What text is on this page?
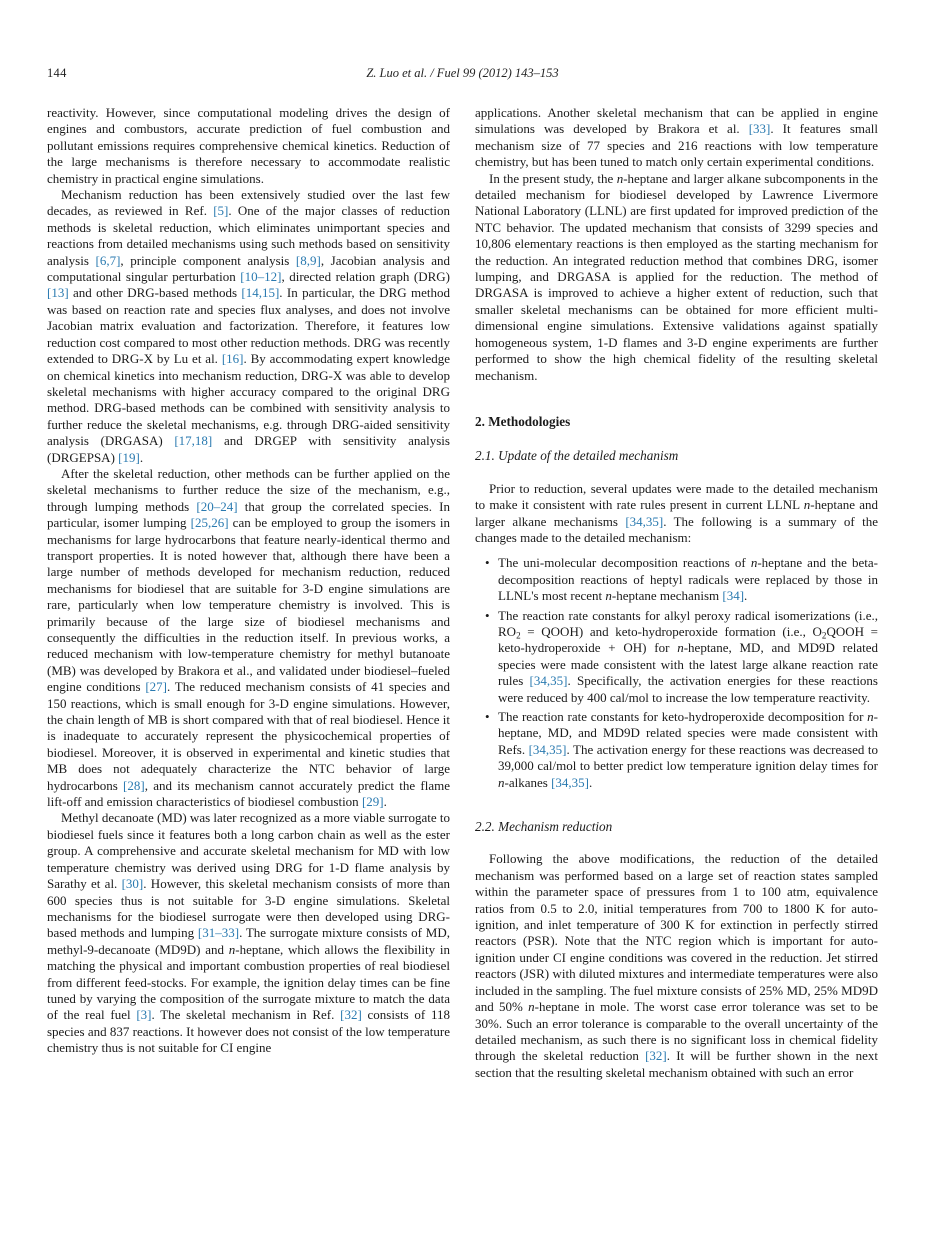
144	Z. Luo et al. / Fuel 99 (2012) 143–153

reactivity. However, since computational modeling drives the design of engines and combustors, accurate prediction of fuel combustion and pollutant emissions requires comprehensive chemical kinetics. Reduction of the large mechanisms is therefore necessary to accommodate realistic chemistry in practical engine simulations.

Mechanism reduction has been extensively studied over the last few decades, as reviewed in Ref. [5]. One of the major classes of reduction methods is skeletal reduction, which eliminates unimportant species and reactions from detailed mechanisms using such methods based on sensitivity analysis [6,7], principle component analysis [8,9], Jacobian analysis and computational singular perturbation [10–12], directed relation graph (DRG) [13] and other DRG-based methods [14,15]. In particular, the DRG method was based on reaction rate and species flux analyses, and does not involve Jacobian matrix evaluation and factorization. Therefore, it features low reduction cost compared to most other reduction methods. DRG was recently extended to DRG-X by Lu et al. [16]. By accommodating expert knowledge on chemical kinetics into mechanism reduction, DRG-X was able to develop skeletal mechanisms with higher accuracy compared to the original DRG method. DRG-based methods can be combined with sensitivity analysis to further reduce the skeletal mechanisms, e.g. through DRG-aided sensitivity analysis (DRGASA) [17,18] and DRGEP with sensitivity analysis (DRGEPSA) [19].

After the skeletal reduction, other methods can be further applied on the skeletal mechanisms to further reduce the size of the mechanism, e.g., through lumping methods [20–24] that group the correlated species. In particular, isomer lumping [25,26] can be employed to group the isomers in mechanisms for large hydrocarbons that feature nearly-identical thermo and transport properties. It is noted however that, although there have been a large number of methods developed for mechanism reduction, reduced mechanisms for biodiesel that are suitable for 3-D engine simulations are rare, particularly when low temperature chemistry is involved. This is primarily because of the large size of biodiesel mechanisms and consequently the difficulties in the reduction itself. In previous works, a reduced mechanism with low-temperature chemistry for methyl butanoate (MB) was developed by Brakora et al., and validated under biodiesel–fueled engine conditions [27]. The reduced mechanism consists of 41 species and 150 reactions, which is small enough for 3-D engine simulations. However, the chain length of MB is short compared with that of real biodiesel. Hence it is inadequate to accurately represent the physicochemical properties of biodiesel. Moreover, it is observed in experimental and kinetic studies that MB does not adequately characterize the NTC behavior of large hydrocarbons [28], and its mechanism cannot accurately predict the flame lift-off and emission characteristics of biodiesel combustion [29].

Methyl decanoate (MD) was later recognized as a more viable surrogate to biodiesel fuels since it features both a long carbon chain as well as the ester group. A comprehensive and accurate skeletal mechanism for MD with low temperature chemistry was derived using DRG for 1-D flame analysis by Sarathy et al. [30]. However, this skeletal mechanism consists of more than 600 species thus is not suitable for 3-D engine simulations. Skeletal mechanisms for the biodiesel surrogate were then developed using DRG-based methods and lumping [31–33]. The surrogate mixture consists of MD, methyl-9-decanoate (MD9D) and n-heptane, which allows the flexibility in matching the physical and important combustion properties of real biodiesel from different feed-stocks. For example, the ignition delay times can be fine tuned by varying the composition of the surrogate mixture to match the data of the real fuel [3]. The skeletal mechanism in Ref. [32] consists of 118 species and 837 reactions. It however does not consist of the low temperature chemistry thus is not suitable for CI engine

applications. Another skeletal mechanism that can be applied in engine simulations was developed by Brakora et al. [33]. It features small mechanism size of 77 species and 216 reactions with low temperature chemistry, but has been tuned to match only certain experimental conditions.

In the present study, the n-heptane and larger alkane subcomponents in the detailed mechanism for biodiesel developed by Lawrence Livermore National Laboratory (LLNL) are first updated for improved prediction of the NTC behavior. The updated mechanism that consists of 3299 species and 10,806 elementary reactions is then employed as the starting mechanism for the reduction. An integrated reduction method that combines DRG, isomer lumping, and DRGASA is applied for the reduction. The method of DRGASA is improved to achieve a higher extent of reduction, such that smaller skeletal mechanisms can be obtained for more efficient multi-dimensional engine simulations. Extensive validations against spatially homogeneous system, 1-D flames and 3-D engine experiments are further performed to show the high chemical fidelity of the resulting skeletal mechanism.

2. Methodologies
2.1. Update of the detailed mechanism

Prior to reduction, several updates were made to the detailed mechanism to make it consistent with rate rules present in current LLNL n-heptane and larger alkane mechanisms [34,35]. The following is a summary of the changes made to the detailed mechanism:

• The uni-molecular decomposition reactions of n-heptane and the beta-decomposition reactions of heptyl radicals were replaced by those in LLNL's most recent n-heptane mechanism [34].
• The reaction rate constants for alkyl peroxy radical isomerizations (i.e., $RO_2$ = QOOH) and keto-hydroperoxide formation (i.e., $O_2QOOH$ = keto-hydroperoxide + OH) for n-heptane, MD, and MD9D related species were made consistent with the latest large alkane reaction rate rules [34,35]. Specifically, the activation energies for these reactions were reduced by 400 cal/mol to increase the low temperature reactivity.
• The reaction rate constants for keto-hydroperoxide decomposition for n-heptane, MD, and MD9D related species were made consistent with Refs. [34,35]. The activation energy for these reactions was decreased to 39,000 cal/mol to better predict low temperature ignition delay times for n-alkanes [34,35].
2.2. Mechanism reduction

Following the above modifications, the reduction of the detailed mechanism was performed based on a large set of reaction states sampled within the parameter space of pressures from 1 to 100 atm, equivalence ratios from 0.5 to 2.0, initial temperatures from 700 to 1800 K for auto-ignition, and inlet temperature of 300 K for extinction in perfectly stirred reactors (PSR). Note that the NTC region which is important for auto-ignition under CI engine conditions was covered in the reduction. Jet stirred reactors (JSR) with diluted mixtures and intermediate temperatures were also included in the sampling. The fuel mixture consists of 25% MD, 25% MD9D and 50% n-heptane in mole. The worst case error tolerance was set to be 30%. Such an error tolerance is comparable to the overall uncertainty of the detailed mechanism, as such there is no significant loss in chemical fidelity through the skeletal reduction [32]. It will be further shown in the next section that the resulting skeletal mechanism obtained with such an error
